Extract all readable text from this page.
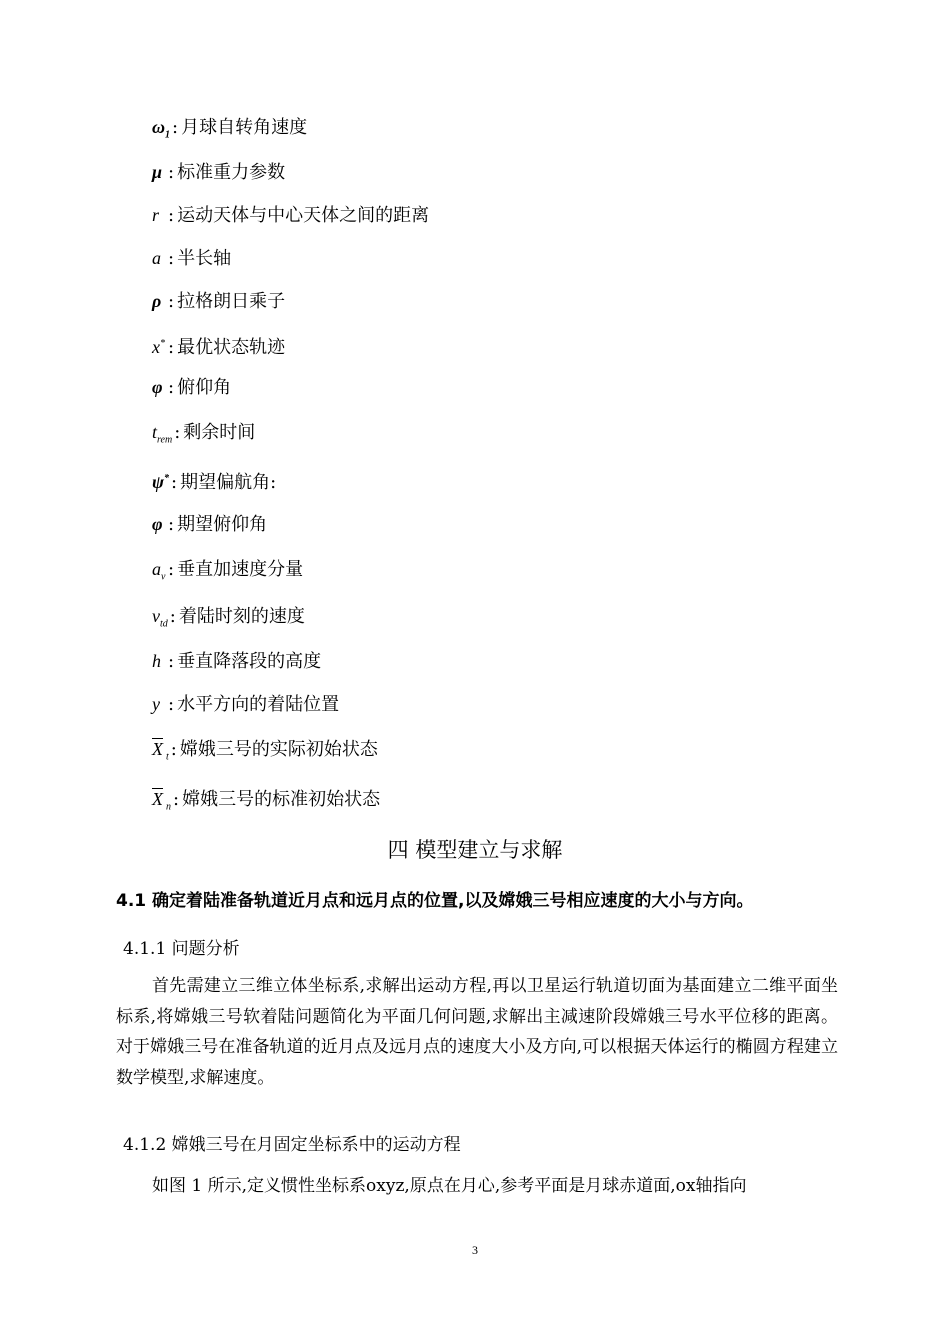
$\omega_1$ : 月球自转角速度
μ : 标准重力参数
r : 运动天体与中心天体之间的距离
a : 半长轴
ρ : 拉格朗日乘子
x* : 最优状态轨迹
φ : 俯仰角
$t_{rem}$ : 剩余时间
ψ* : 期望偏航角:
φ : 期望俯仰角
$a_v$ : 垂直加速度分量
$v_{td}$ : 着陆时刻的速度
h : 垂直降落段的高度
y : 水平方向的着陆位置
$\overline{X}$ $_t$ : 嫦娥三号的实际初始状态
$\overline{X}$ $_n$ : 嫦娥三号的标准初始状态
四 模型建立与求解
4.1 确定着陆准备轨道近月点和远月点的位置,以及嫦娥三号相应速度的大小与方向。
4.1.1 问题分析
首先需建立三维立体坐标系,求解出运动方程,再以卫星运行轨道切面为基面建立二维平面坐标系,将嫦娥三号软着陆问题简化为平面几何问题,求解出主减速阶段嫦娥三号水平位移的距离。对于嫦娥三号在准备轨道的近月点及远月点的速度大小及方向,可以根据天体运行的椭圆方程建立数学模型,求解速度。
4.1.2 嫦娥三号在月固定坐标系中的运动方程
如图 1 所示,定义惯性坐标系oxyz,原点在月心,参考平面是月球赤道面,ox轴指向
3
